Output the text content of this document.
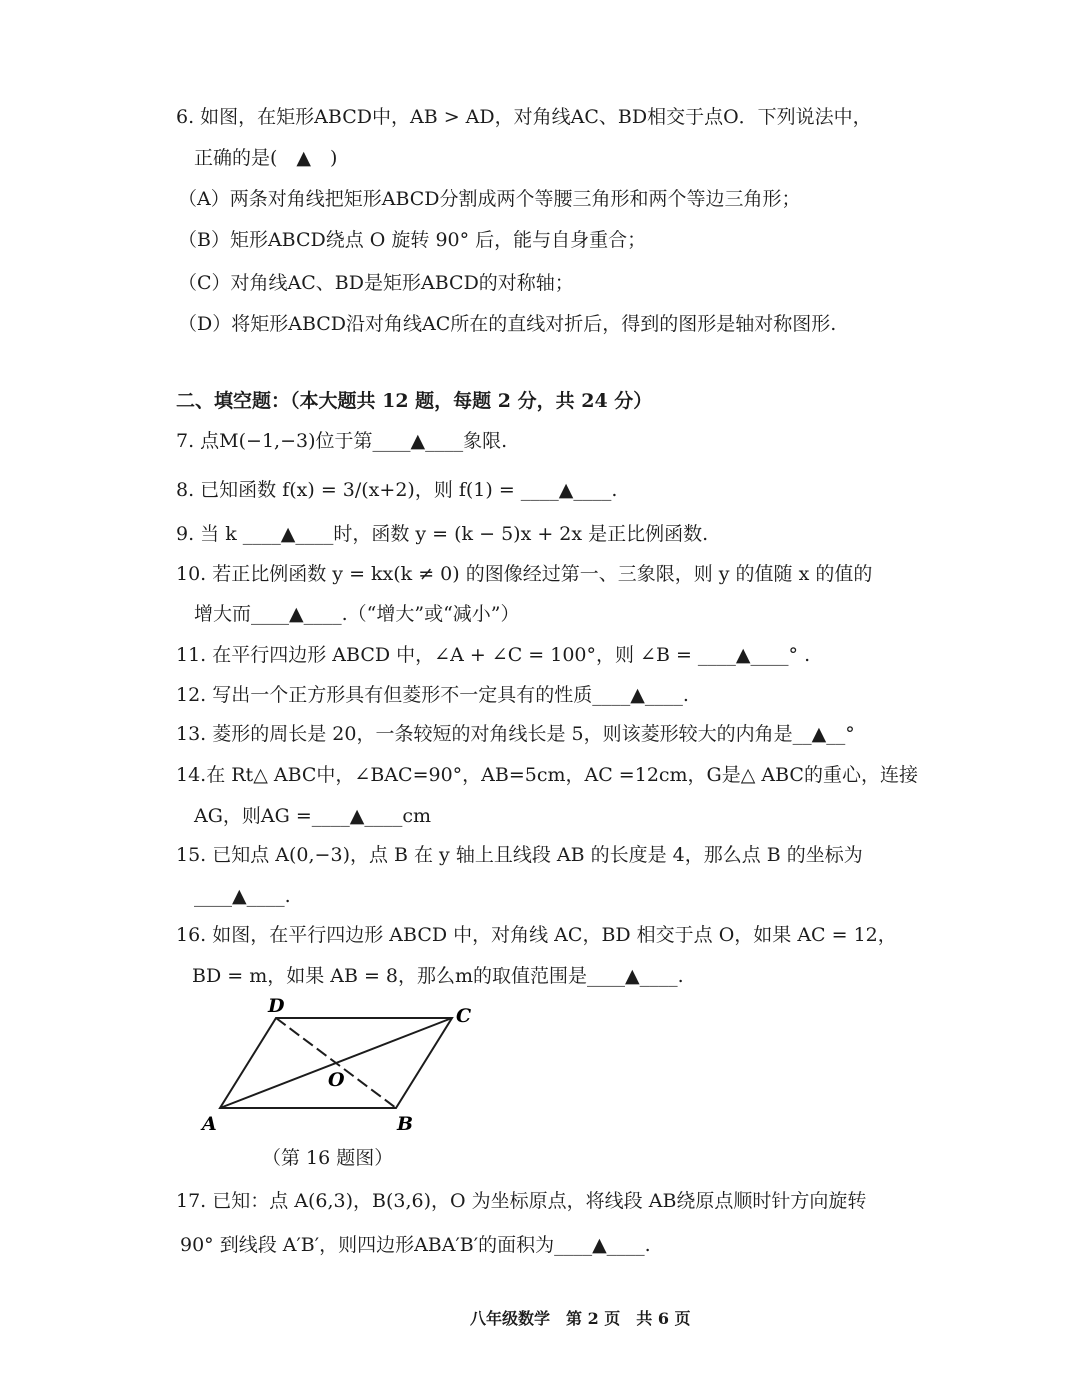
6. 如图，在矩形ABCD中，AB > AD，对角线AC、BD相交于点O．下列说法中，
正确的是(　▲　)
（A）两条对角线把矩形ABCD分割成两个等腰三角形和两个等边三角形；
（B）矩形ABCD绕点 O 旋转 90° 后，能与自身重合；
（C）对角线AC、BD是矩形ABCD的对称轴；
（D）将矩形ABCD沿对角线AC所在的直线对折后，得到的图形是轴对称图形.
二、填空题：（本大题共 12 题，每题 2 分，共 24 分）
7. 点M(−1,−3)位于第____▲____象限.
8. 已知函数 f(x) = 3/(x+2)，则 f(1) = ____▲____.
9. 当 k ____▲____时，函数 y = (k − 5)x + 2x 是正比例函数.
10. 若正比例函数 y = kx(k ≠ 0) 的图像经过第一、三象限，则 y 的值随 x 的值的
增大而____▲____.（“增大”或“减小”）
11. 在平行四边形 ABCD 中，∠A + ∠C = 100°，则 ∠B = ____▲____° .
12. 写出一个正方形具有但菱形不一定具有的性质____▲____.
13. 菱形的周长是 20，一条较短的对角线长是 5，则该菱形较大的内角是__▲__°
14.在 Rt△ ABC中，∠BAC=90°，AB=5cm，AC =12cm，G是△ ABC的重心，连接
AG，则AG =____▲____cm
15. 已知点 A(0,−3)，点 B 在 y 轴上且线段 AB 的长度是 4，那么点 B 的坐标为
____▲____.
16. 如图，在平行四边形 ABCD 中，对角线 AC，BD 相交于点 O，如果 AC = 12，
BD = m，如果 AB = 8，那么m的取值范围是____▲____.
D	C
O
A	B
（第 16 题图）
17. 已知：点 A(6,3)，B(3,6)，O 为坐标原点，将线段 AB绕原点顺时针方向旋转
90° 到线段 A′B′，则四边形ABA′B′的面积为____▲____.
八年级数学　第 2 页　共 6 页
